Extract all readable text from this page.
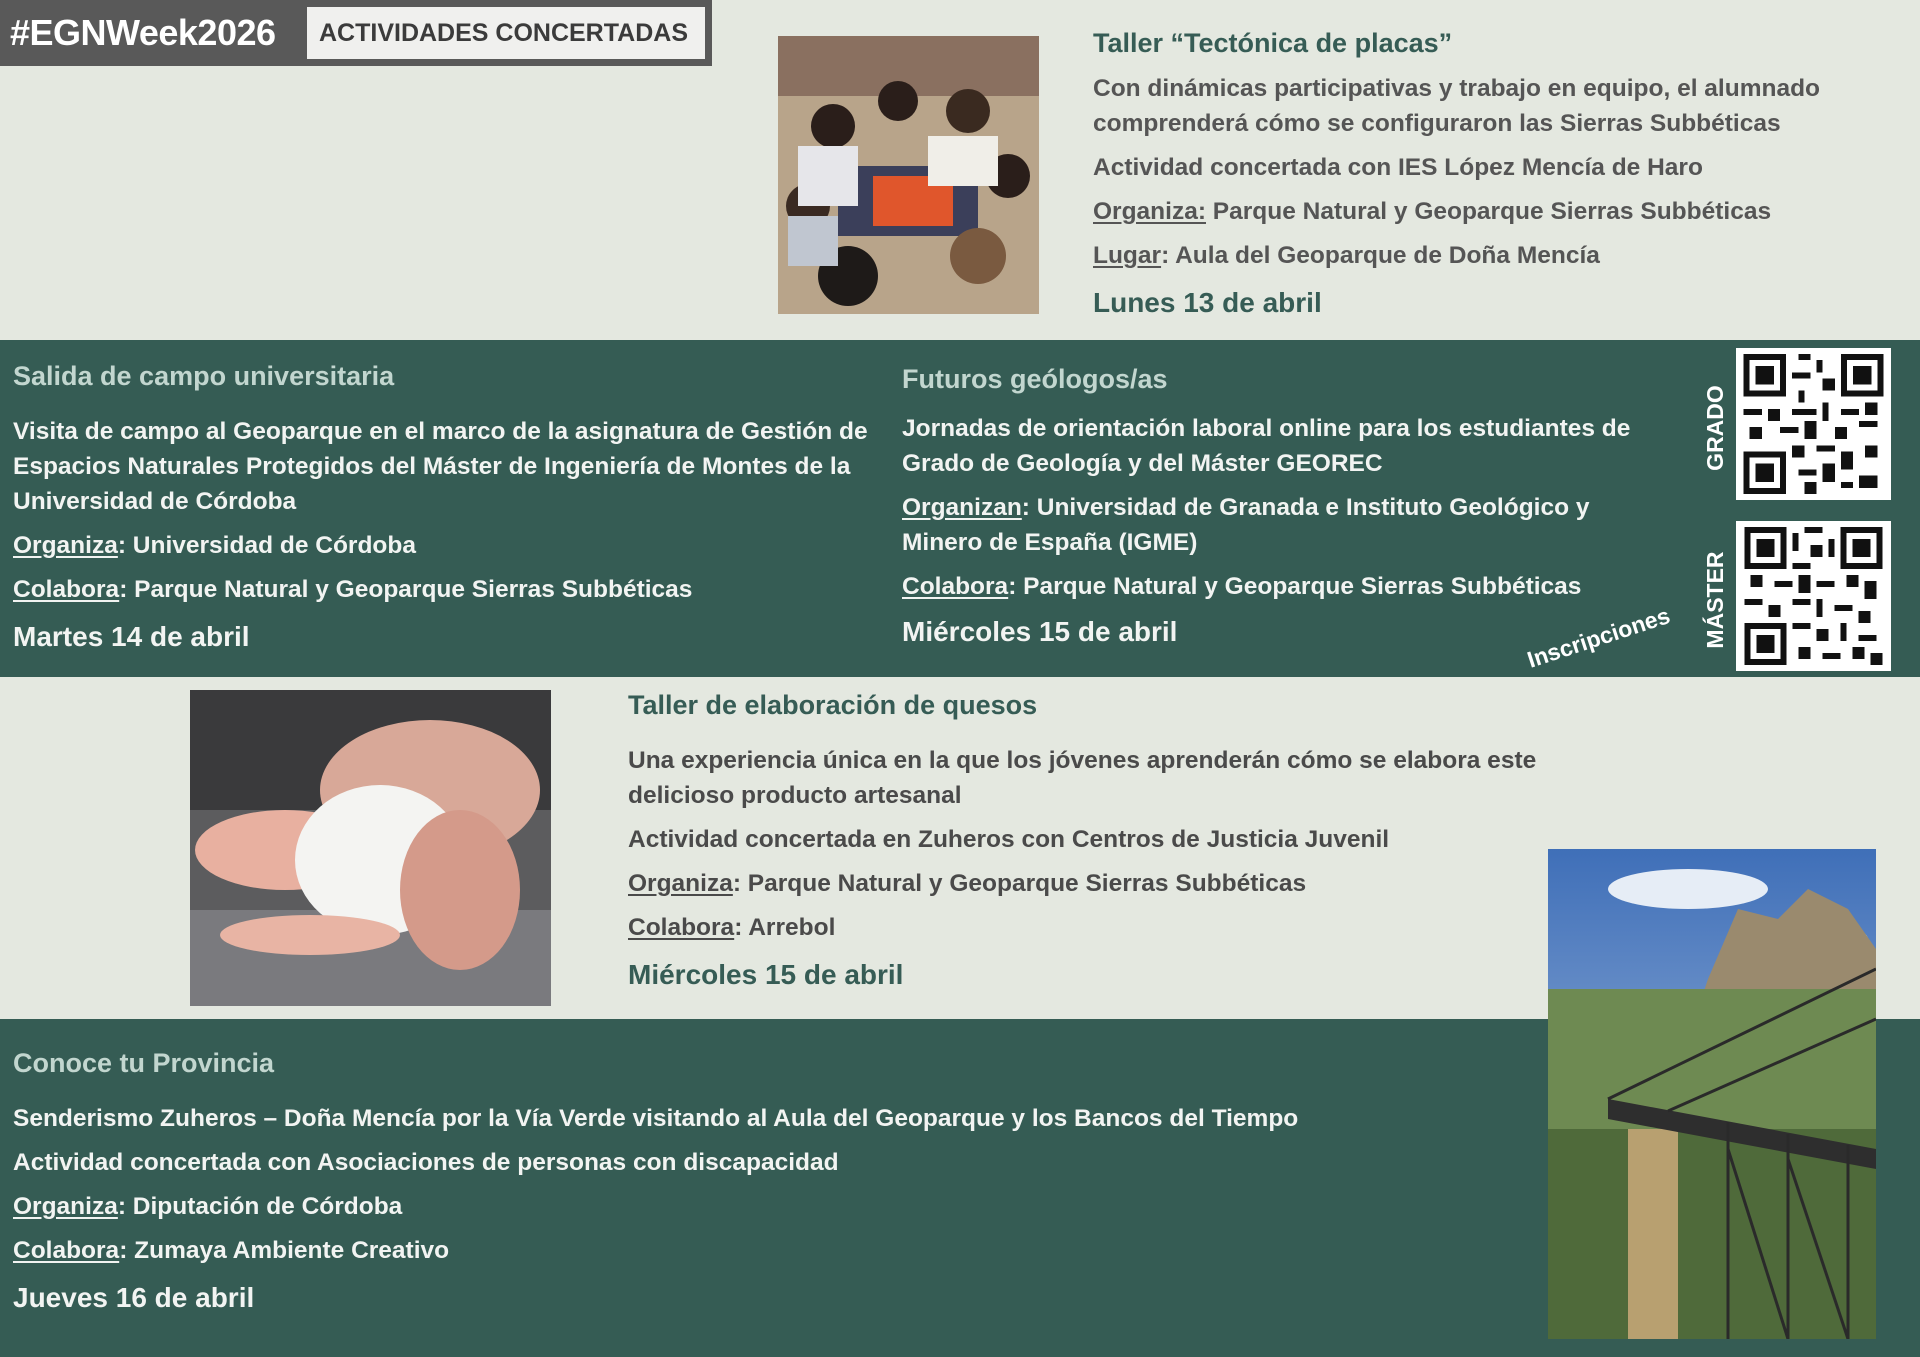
#EGNWeek2026	ACTIVIDADES CONCERTADAS	Taller “Tectónica de placas”

Con dinámicas participativas y trabajo en equipo, el alumnado comprenderá cómo se configuraron las Sierras Subbéticas

Actividad concertada con IES López Mencía de Haro

Organiza: Parque Natural y Geoparque Sierras Subbéticas

Lugar: Aula del Geoparque de Doña Mencía

Lunes 13 de abril

Salida de campo universitaria

Visita de campo al Geoparque en el marco de la asignatura de Gestión de Espacios Naturales Protegidos del Máster de Ingeniería de Montes de la Universidad de Córdoba

Organiza: Universidad de Córdoba

Colabora: Parque Natural y Geoparque Sierras Subbéticas

Martes 14 de abril

Futuros geólogos/as

Jornadas de orientación laboral online para los estudiantes de Grado de Geología y del Máster GEOREC

Organizan: Universidad de Granada e Instituto Geológico y Minero de España (IGME)

Colabora: Parque Natural y Geoparque Sierras Subbéticas

Miércoles 15 de abril	Inscripciones
GRADO
MÁSTER

Taller de elaboración de quesos

Una experiencia única en la que los jóvenes aprenderán cómo se elabora este delicioso producto artesanal

Actividad concertada en Zuheros con Centros de Justicia Juvenil

Organiza: Parque Natural y Geoparque Sierras Subbéticas

Colabora: Arrebol

Miércoles 15 de abril

Conoce tu Provincia

Senderismo Zuheros – Doña Mencía por la Vía Verde visitando al Aula del Geoparque y los Bancos del Tiempo

Actividad concertada con Asociaciones de personas con discapacidad

Organiza: Diputación de Córdoba

Colabora: Zumaya Ambiente Creativo

Jueves 16 de abril
